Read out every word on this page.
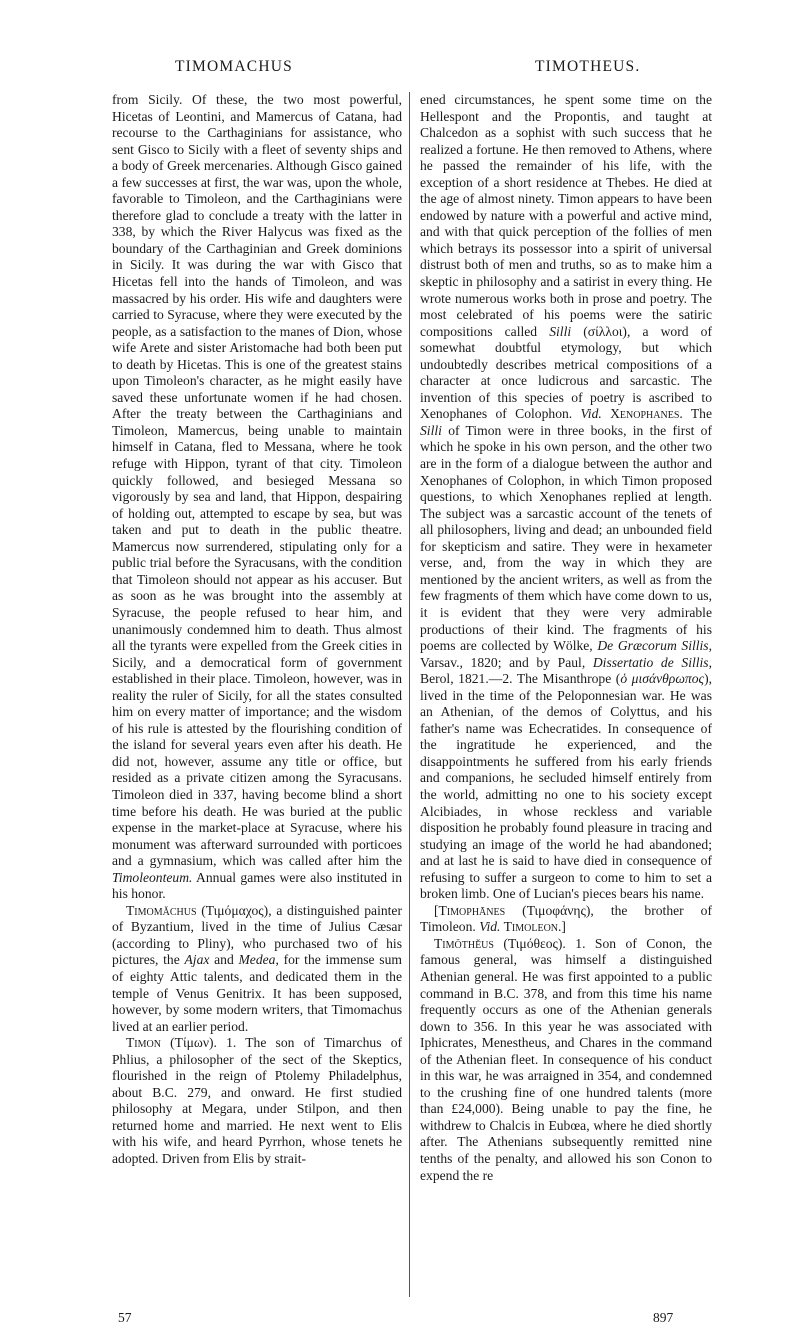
TIMOMACHUS	TIMOTHEUS.

from Sicily. Of these, the two most powerful, Hicetas of Leontini, and Mamercus of Catana, had recourse to the Carthaginians for assistance, who sent Gisco to Sicily with a fleet of seventy ships and a body of Greek mercenaries. Although Gisco gained a few successes at first, the war was, upon the whole, favorable to Timoleon, and the Carthaginians were therefore glad to conclude a treaty with the latter in 338, by which the River Halycus was fixed as the boundary of the Carthaginian and Greek dominions in Sicily. It was during the war with Gisco that Hicetas fell into the hands of Timoleon, and was massacred by his order. His wife and daughters were carried to Syracuse, where they were executed by the people, as a satisfaction to the manes of Dion, whose wife Arete and sister Aristomache had both been put to death by Hicetas. This is one of the greatest stains upon Timoleon's character, as he might easily have saved these unfortunate women if he had chosen. After the treaty between the Carthaginians and Timoleon, Mamercus, being unable to maintain himself in Catana, fled to Messana, where he took refuge with Hippon, tyrant of that city. Timoleon quickly followed, and besieged Messana so vigorously by sea and land, that Hippon, despairing of holding out, attempted to escape by sea, but was taken and put to death in the public theatre. Mamercus now surrendered, stipulating only for a public trial before the Syracusans, with the condition that Timoleon should not appear as his accuser. But as soon as he was brought into the assembly at Syracuse, the people refused to hear him, and unanimously condemned him to death. Thus almost all the tyrants were expelled from the Greek cities in Sicily, and a democratical form of government established in their place. Timoleon, however, was in reality the ruler of Sicily, for all the states consulted him on every matter of importance; and the wisdom of his rule is attested by the flourishing condition of the island for several years even after his death. He did not, however, assume any title or office, but resided as a private citizen among the Syracusans. Timoleon died in 337, having become blind a short time before his death. He was buried at the public expense in the market-place at Syracuse, where his monument was afterward surrounded with porticoes and a gymnasium, which was called after him the Timoleonteum. Annual games were also instituted in his honor.

Timomăchus (Τιμόμαχος), a distinguished painter of Byzantium, lived in the time of Julius Cæsar (according to Pliny), who purchased two of his pictures, the Ajax and Medea, for the immense sum of eighty Attic talents, and dedicated them in the temple of Venus Genitrix. It has been supposed, however, by some modern writers, that Timomachus lived at an earlier period.

Timon (Τίμων). 1. The son of Timarchus of Phlius, a philosopher of the sect of the Skeptics, flourished in the reign of Ptolemy Philadelphus, about B.C. 279, and onward. He first studied philosophy at Megara, under Stilpon, and then returned home and married. He next went to Elis with his wife, and heard Pyrrhon, whose tenets he adopted. Driven from Elis by strait-

ened circumstances, he spent some time on the Hellespont and the Propontis, and taught at Chalcedon as a sophist with such success that he realized a fortune. He then removed to Athens, where he passed the remainder of his life, with the exception of a short residence at Thebes. He died at the age of almost ninety. Timon appears to have been endowed by nature with a powerful and active mind, and with that quick perception of the follies of men which betrays its possessor into a spirit of universal distrust both of men and truths, so as to make him a skeptic in philosophy and a satirist in every thing. He wrote numerous works both in prose and poetry. The most celebrated of his poems were the satiric compositions called Silli (σίλλοι), a word of somewhat doubtful etymology, but which undoubtedly describes metrical compositions of a character at once ludicrous and sarcastic. The invention of this species of poetry is ascribed to Xenophanes of Colophon. Vid. Xenophanes. The Silli of Timon were in three books, in the first of which he spoke in his own person, and the other two are in the form of a dialogue between the author and Xenophanes of Colophon, in which Timon proposed questions, to which Xenophanes replied at length. The subject was a sarcastic account of the tenets of all philosophers, living and dead; an unbounded field for skepticism and satire. They were in hexameter verse, and, from the way in which they are mentioned by the ancient writers, as well as from the few fragments of them which have come down to us, it is evident that they were very admirable productions of their kind. The fragments of his poems are collected by Wölke, De Græcorum Sillis, Varsav., 1820; and by Paul, Dissertatio de Sillis, Berol, 1821.—2. The Misanthrope (ὁ μισάνθρωπος), lived in the time of the Peloponnesian war. He was an Athenian, of the demos of Colyttus, and his father's name was Echecratides. In consequence of the ingratitude he experienced, and the disappointments he suffered from his early friends and companions, he secluded himself entirely from the world, admitting no one to his society except Alcibiades, in whose reckless and variable disposition he probably found pleasure in tracing and studying an image of the world he had abandoned; and at last he is said to have died in consequence of refusing to suffer a surgeon to come to him to set a broken limb. One of Lucian's pieces bears his name.

[Timophānes (Τιμοφάνης), the brother of Timoleon. Vid. Timoleon.]

Timŏthĕus (Τιμόθεος). 1. Son of Conon, the famous general, was himself a distinguished Athenian general. He was first appointed to a public command in B.C. 378, and from this time his name frequently occurs as one of the Athenian generals down to 356. In this year he was associated with Iphicrates, Menestheus, and Chares in the command of the Athenian fleet. In consequence of his conduct in this war, he was arraigned in 354, and condemned to the crushing fine of one hundred talents (more than £24,000). Being unable to pay the fine, he withdrew to Chalcis in Eubœa, where he died shortly after. The Athenians subsequently remitted nine tenths of the penalty, and allowed his son Conon to expend the re

57	897
